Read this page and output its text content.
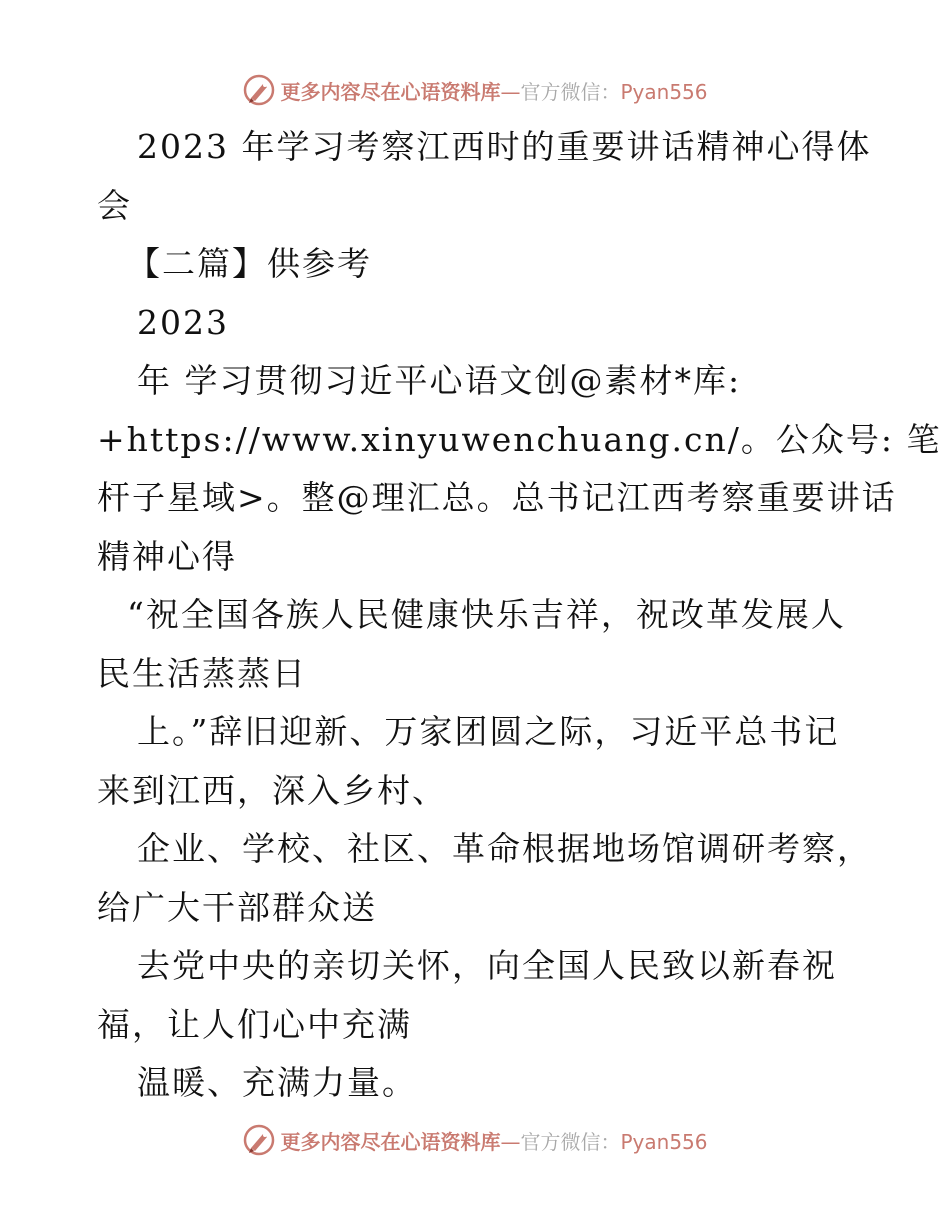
更多内容尽在心语资料库—官方微信：Pyan556
2023 年学习考察江西时的重要讲话精神心得体
会
【二篇】供参考
2023
年 学习贯彻习近平心语文创@素材*库:
+https://www.xinyuwenchuang.cn/。公众号: 笔
杆子星域>。整@理汇总。总书记江西考察重要讲话
精神心得
“祝全国各族人民健康快乐吉祥，祝改革发展人
民生活蒸蒸日
上。”辞旧迎新、万家团圆之际，习近平总书记
来到江西，深入乡村、
企业、学校、社区、革命根据地场馆调研考察，
给广大干部群众送
去党中央的亲切关怀，向全国人民致以新春祝
福，让人们心中充满
温暖、充满力量。
更多内容尽在心语资料库—官方微信：Pyan556
